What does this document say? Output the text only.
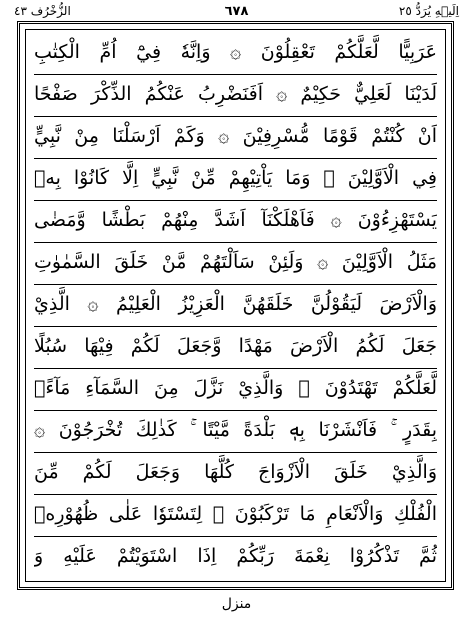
اِلَيۡهِ يُرَدُّ ٢٥
٦٧٨
الزُّخْرُف ٤٣
عَرَبِيًّا لَّعَلَّكُمْ تَعْقِلُوْنَ ۞ وَاِنَّهٗ فِيْٓ اُمِّ الْكِتٰبِ
لَدَيْنَا لَعَلِيٌّ حَكِيْمٌ ۞ اَفَنَضْرِبُ عَنْكُمُ الذِّكْرَ صَفْحًا
اَنْ كُنْتُمْ قَوْمًا مُّسْرِفِيْنَ ۞ وَكَمْ اَرْسَلْنَا مِنْ نَّبِيٍّ
فِي الْاَوَّلِيْنَ ۞ وَمَا يَاْتِيْهِمْ مِّنْ نَّبِيٍّ اِلَّا كَانُوْا بِهٖ
يَسْتَهْزِءُوْنَ ۞ فَاَهْلَكْنَآ اَشَدَّ مِنْهُمْ بَطْشًا وَّمَضٰى
مَثَلُ الْاَوَّلِيْنَ ۞ وَلَئِنْ سَاَلْتَهُمْ مَّنْ خَلَقَ السَّمٰوٰتِ
وَالْاَرْضَ لَيَقُوْلُنَّ خَلَقَهُنَّ الْعَزِيْزُ الْعَلِيْمُ ۞ الَّذِيْ
جَعَلَ لَكُمُ الْاَرْضَ مَهْدًا وَّجَعَلَ لَكُمْ فِيْهَا سُبُلًا
لَّعَلَّكُمْ تَهْتَدُوْنَ ۞ وَالَّذِيْ نَزَّلَ مِنَ السَّمَآءِ مَآءًۢ
بِقَدَرٍ ۚ فَاَنْشَرْنَا بِهٖ بَلْدَةً مَّيْتًا ۚ كَذٰلِكَ تُخْرَجُوْنَ ۞
وَالَّذِيْ خَلَقَ الْاَزْوَاجَ كُلَّهَا وَجَعَلَ لَكُمْ مِّنَ
الْفُلْكِ وَالْاَنْعَامِ مَا تَرْكَبُوْنَ ۞ لِتَسْتَوٗا عَلٰى ظُهُوْرِهٖ
ثُمَّ تَذْكُرُوْا نِعْمَةَ رَبِّكُمْ اِذَا اسْتَوَيْتُمْ عَلَيْهِ وَ
منزل
